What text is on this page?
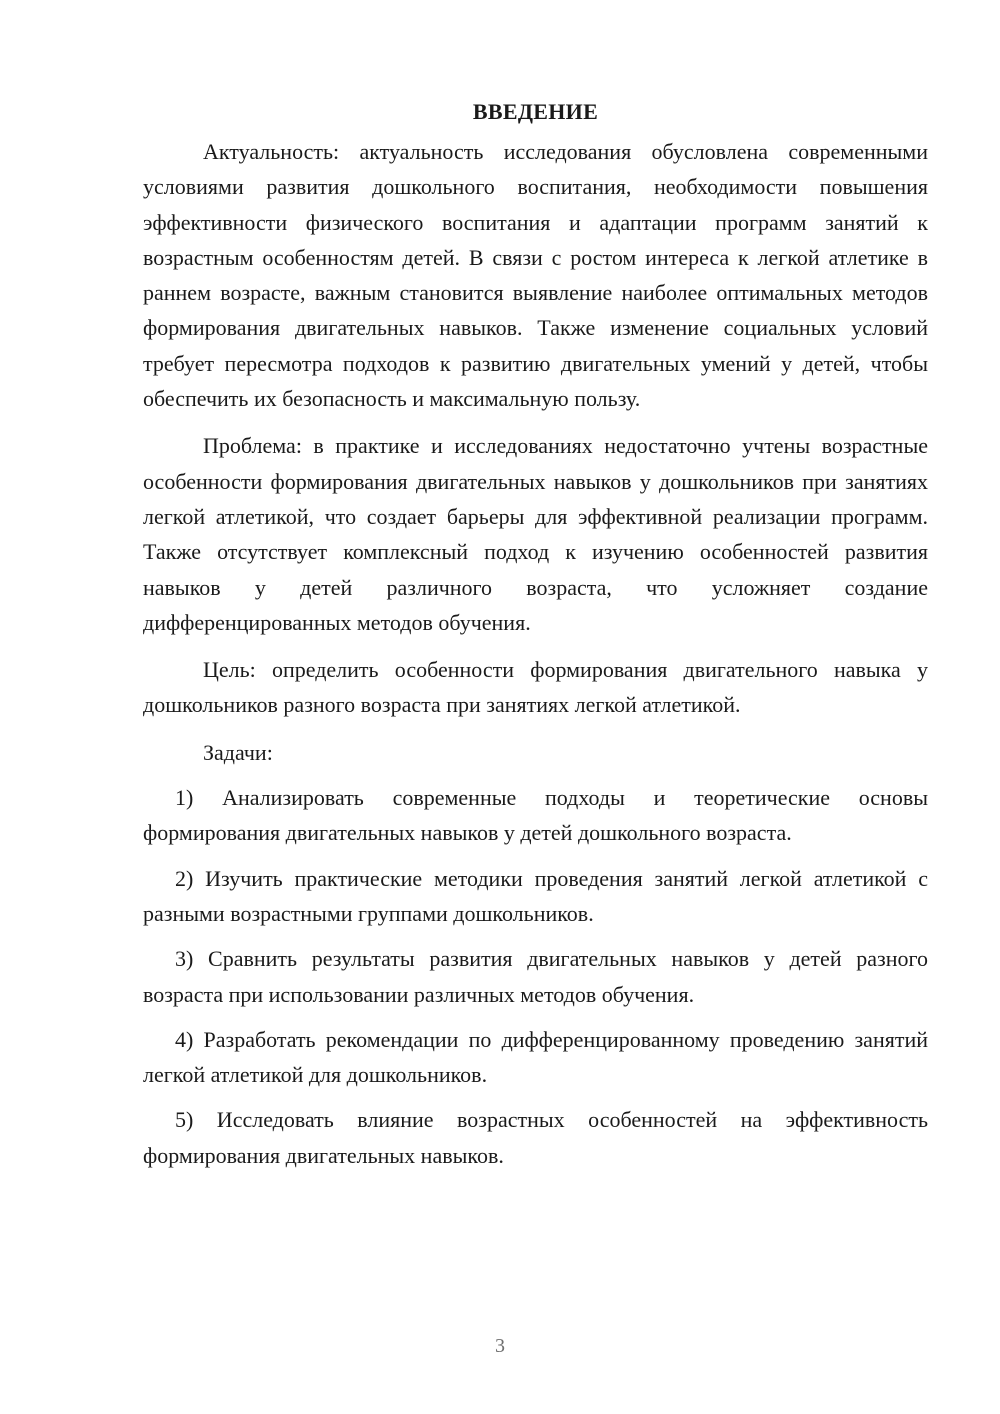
ВВЕДЕНИЕ

Актуальность: актуальность исследования обусловлена современными условиями развития дошкольного воспитания, необходимости повышения эффективности физического воспитания и адаптации программ занятий к возрастным особенностям детей. В связи с ростом интереса к легкой атлетике в раннем возрасте, важным становится выявление наиболее оптимальных методов формирования двигательных навыков. Также изменение социальных условий требует пересмотра подходов к развитию двигательных умений у детей, чтобы обеспечить их безопасность и максимальную пользу.

Проблема: в практике и исследованиях недостаточно учтены возрастные особенности формирования двигательных навыков у дошкольников при занятиях легкой атлетикой, что создает барьеры для эффективной реализации программ. Также отсутствует комплексный подход к изучению особенностей развития навыков у детей различного возраста, что усложняет создание дифференцированных методов обучения.

Цель: определить особенности формирования двигательного навыка у дошкольников разного возраста при занятиях легкой атлетикой.

Задачи:

1) Анализировать современные подходы и теоретические основы формирования двигательных навыков у детей дошкольного возраста.

2) Изучить практические методики проведения занятий легкой атлетикой с разными возрастными группами дошкольников.

3) Сравнить результаты развития двигательных навыков у детей разного возраста при использовании различных методов обучения.

4) Разработать рекомендации по дифференцированному проведению занятий легкой атлетикой для дошкольников.

5) Исследовать влияние возрастных особенностей на эффективность формирования двигательных навыков.

3
